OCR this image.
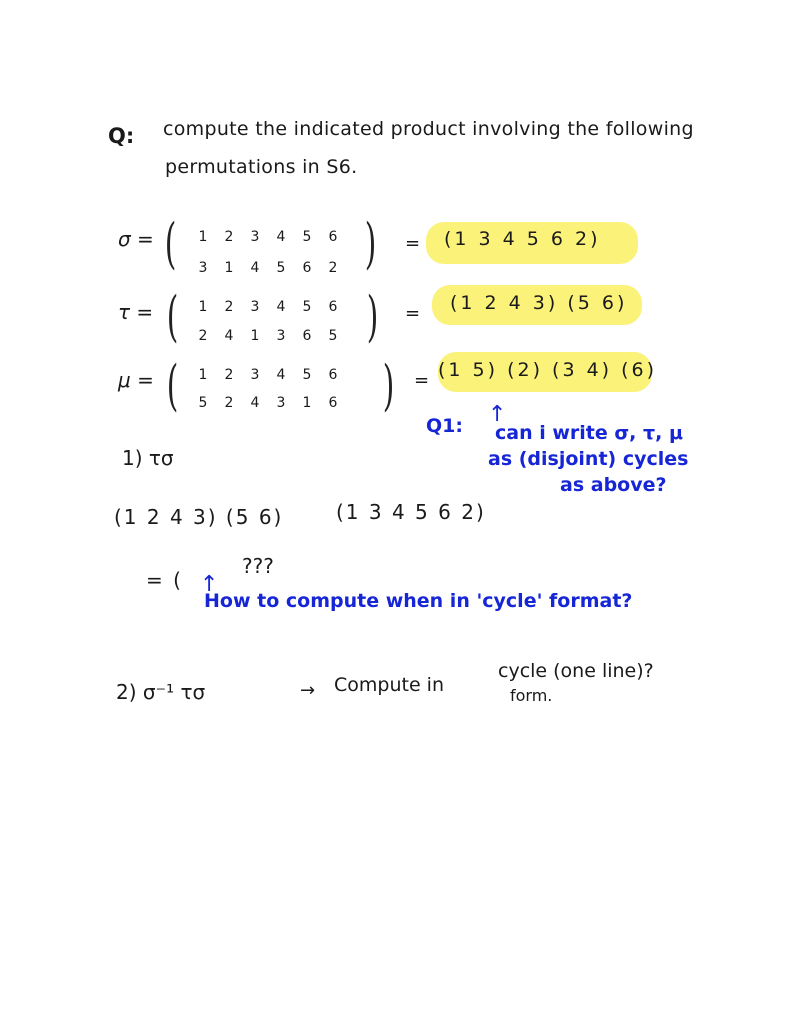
Q: compute the indicated product involving the following
permutations in S6.
σ = (	1 2 3 4 5 6
3 1 4 5 6 2 ) = (1 3 4 5 6 2)
τ = (	1 2 3 4 5 6
2 4 1 3 6 5 ) = (1 2 4 3) (5 6)
μ = (	1 2 3 4 5 6
5 2 4 3 1 6 ) = (1 5) (2) (3 4) (6)
Q1: ↑
can i write σ, τ, μ
as (disjoint) cycles
as above?
1) τσ
(1 2 4 3) (5 6)	(1 3 4 5 6 2)
= (
???
↑
How to compute when in 'cycle' format?
2) σ⁻¹ τσ	→ Compute in
cycle (one line)?
form.
